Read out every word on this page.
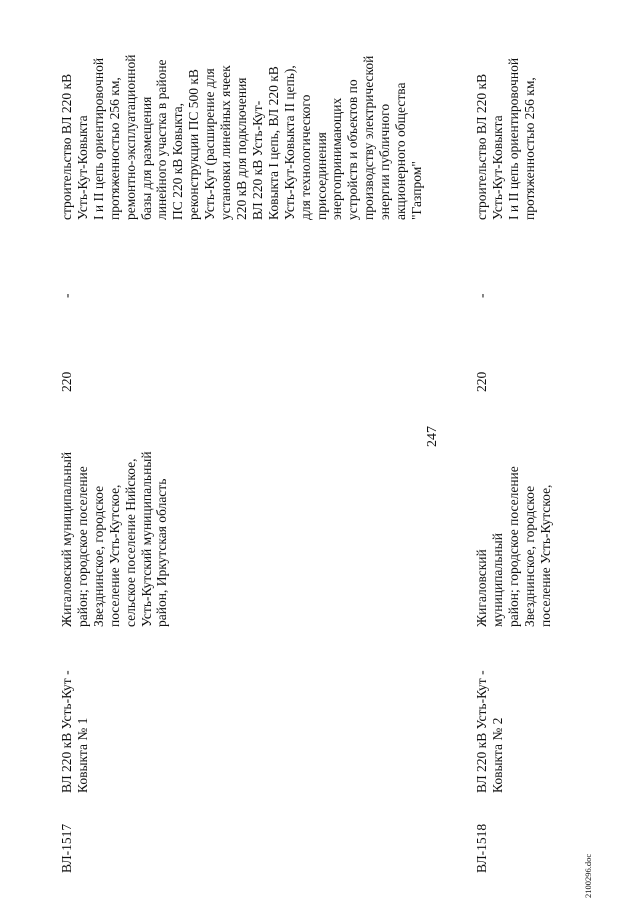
247
ВЛ-1517
ВЛ 220 кВ Усть-Кут -
Ковыкта № 1
Жигаловский муниципальный
район; городское поселение
Звезднинское, городское
поселение Усть-Кутское,
сельское поселение Нийское,
Усть-Кутский муниципальный
район, Иркутская область
220
-
строительство ВЛ 220 кВ
Усть-Кут-Ковыкта
I и II цепь ориентировочной
протяженностью 256 км,
ремонтно-эксплуатационной
базы для размещения
линейного участка в районе
ПС 220 кВ Ковыкта,
реконструкции ПС 500 кВ
Усть-Кут (расширение для
установки линейных ячеек
220 кВ для подключения
ВЛ 220 кВ Усть-Кут-
Ковыкта I цепь, ВЛ 220 кВ
Усть-Кут-Ковыкта II цепь),
для технологического
присоединения
энергопринимающих
устройств и объектов по
производству электрической
энергии публичного
акционерного общества
"Газпром"
ВЛ-1518
ВЛ 220 кВ Усть-Кут -
Ковыкта № 2
Жигаловский муниципальный
район; городское поселение
Звезднинское, городское
поселение Усть-Кутское,
220
-
строительство ВЛ 220 кВ
Усть-Кут-Ковыкта
I и II цепь ориентировочной
протяженностью 256 км,
2100296.doc
